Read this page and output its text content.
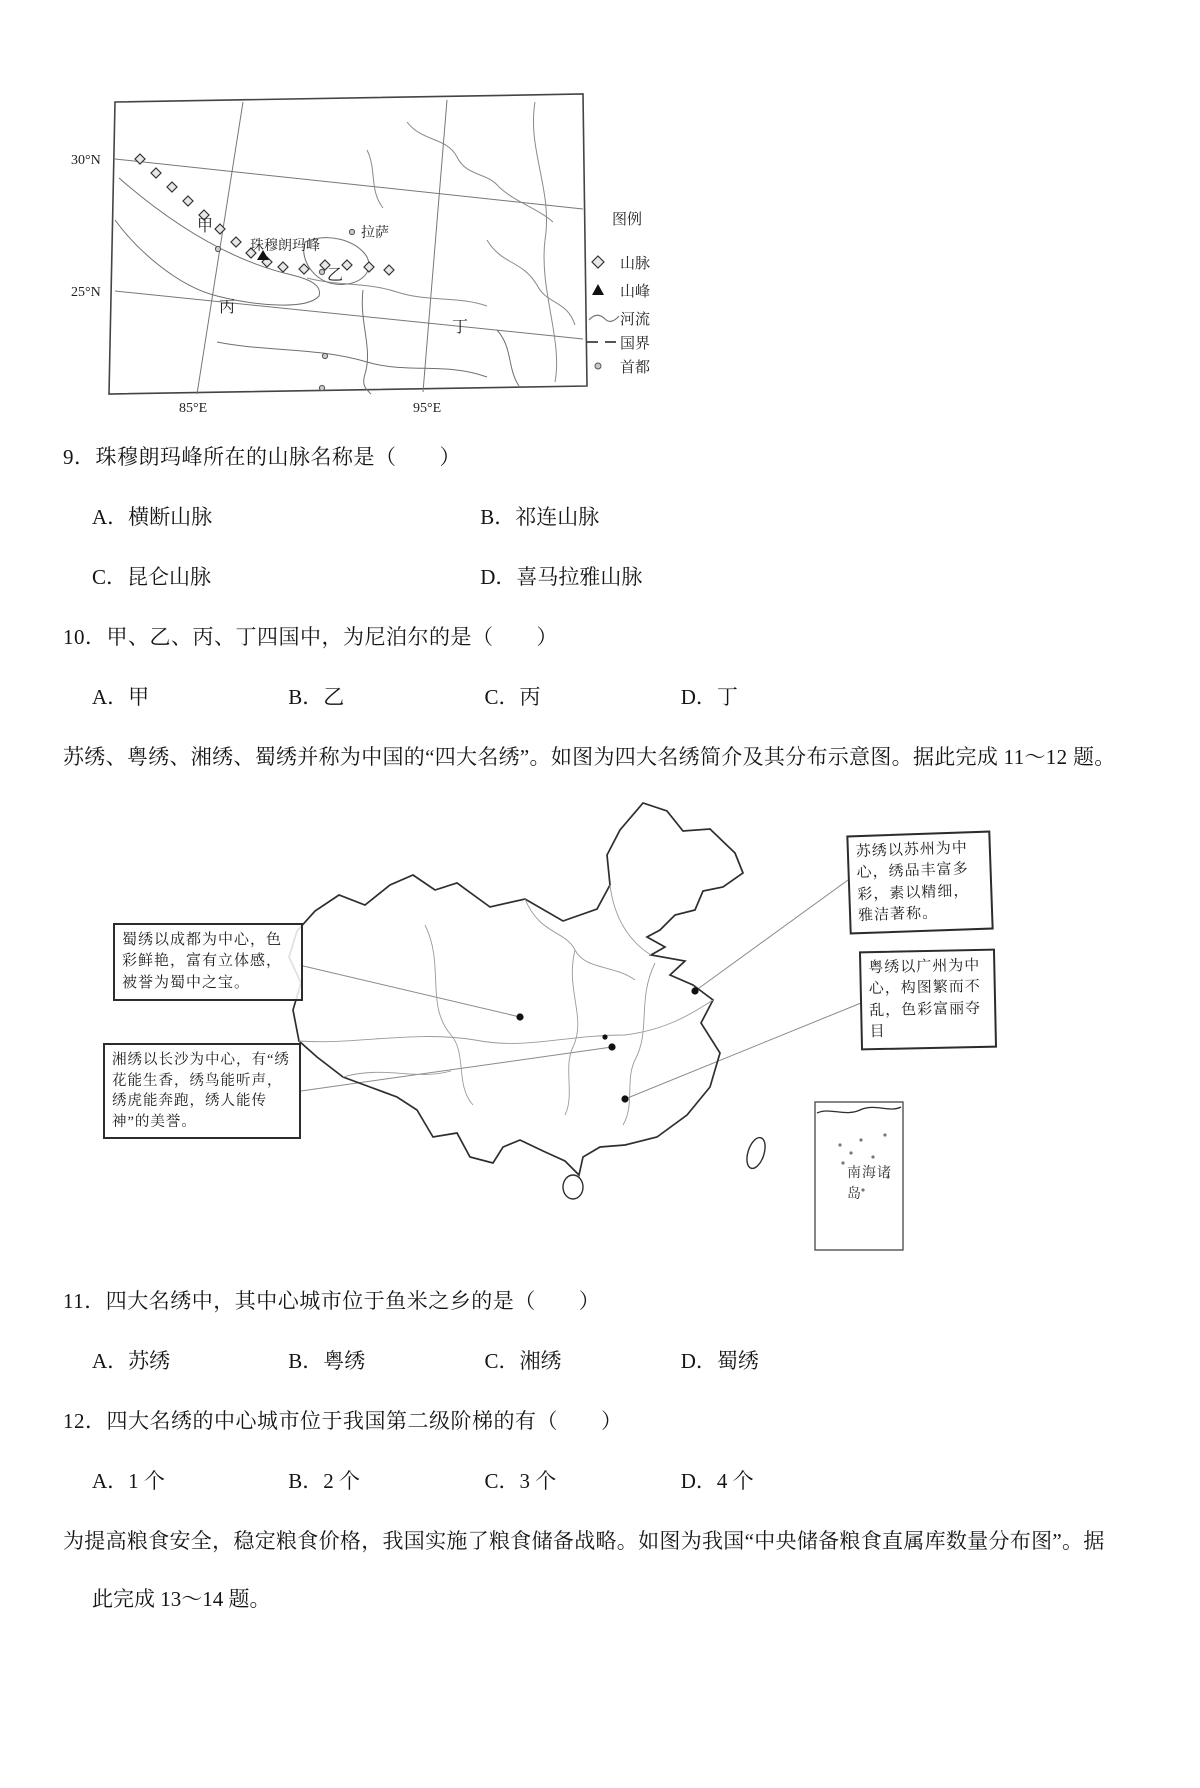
30°N
25°N
85°E	95°E
甲
乙
丙
丁
珠穆朗玛峰
拉萨
图例
山脉
山峰
河流
国界
首都
9．珠穆朗玛峰所在的山脉名称是（　　）
A．横断山脉	B．祁连山脉
C．昆仑山脉	D．喜马拉雅山脉
10．甲、乙、丙、丁四国中，为尼泊尔的是（　　）
A．甲	B．乙	C．丙	D．丁
苏绣、粤绣、湘绣、蜀绣并称为中国的“四大名绣”。如图为四大名绣简介及其分布示意图。据此完成 11～12 题。
蜀绣以成都为中心，色彩鲜艳，富有立体感，被誉为蜀中之宝。
湘绣以长沙为中心，有“绣花能生香，绣鸟能听声，绣虎能奔跑，绣人能传神”的美誉。
苏绣以苏州为中心，绣品丰富多彩，素以精细，雅洁著称。
粤绣以广州为中心，构图繁而不乱，色彩富丽夺目
南海诸岛
11．四大名绣中，其中心城市位于鱼米之乡的是（　　）
A．苏绣	B．粤绣	C．湘绣	D．蜀绣
12．四大名绣的中心城市位于我国第二级阶梯的有（　　）
A．1 个	B．2 个	C．3 个	D．4 个
为提高粮食安全，稳定粮食价格，我国实施了粮食储备战略。如图为我国“中央储备粮食直属库数量分布图”。据
此完成 13～14 题。
